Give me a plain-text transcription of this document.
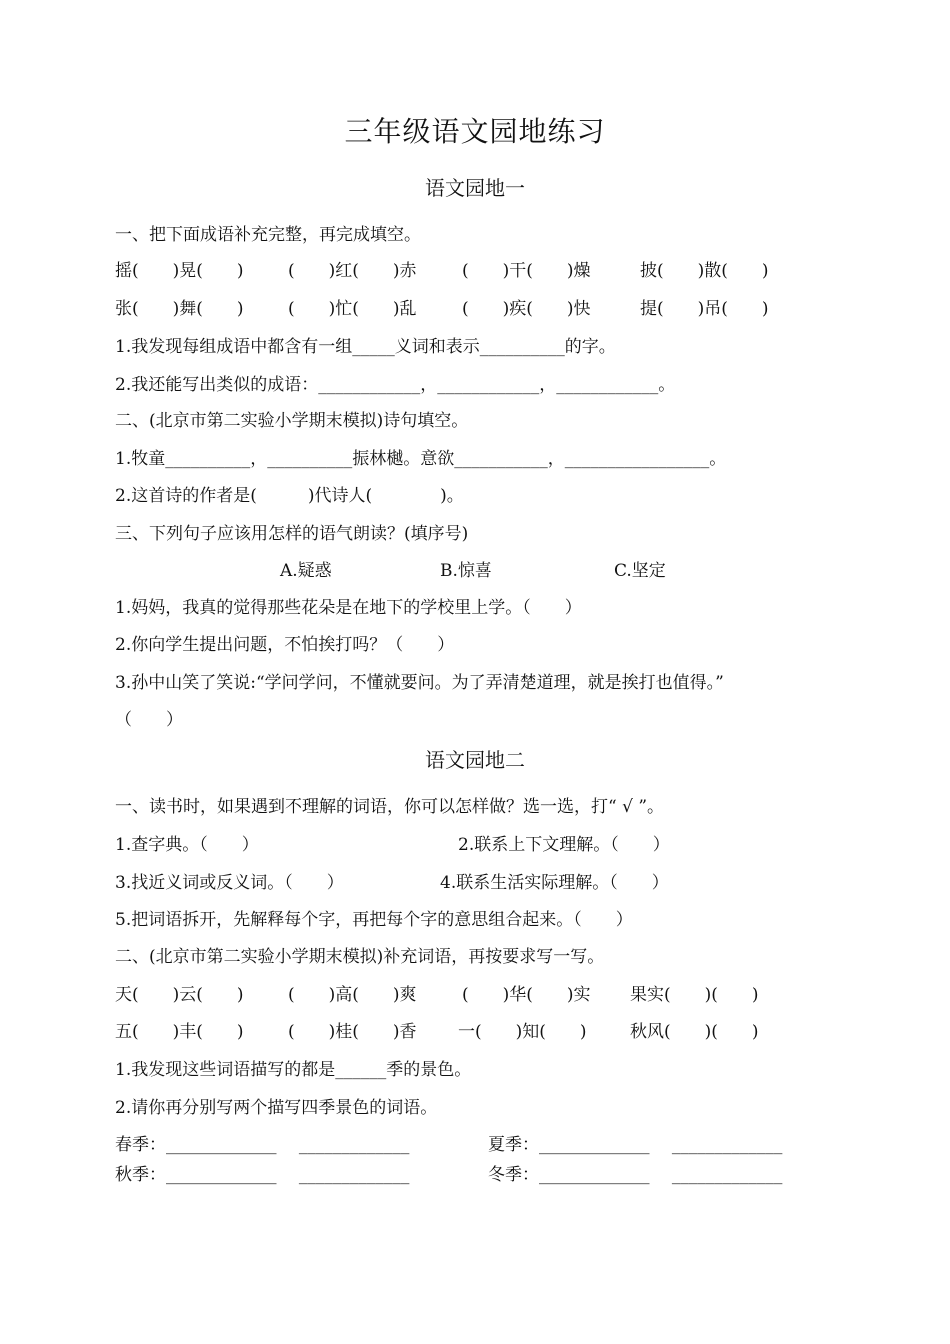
三年级语文园地练习
语文园地一
一、把下面成语补充完整，再完成填空。
摇(　　)晃(　　)	(　　)红(　　)赤	(　　)干(　　)燥	披(　　)散(　　)
张(　　)舞(　　)	(　　)忙(　　)乱	(　　)疾(　　)快	提(　　)吊(　　)
1.我发现每组成语中都含有一组_____义词和表示__________的字。
2.我还能写出类似的成语：____________，____________，____________。
二、(北京市第二实验小学期末模拟)诗句填空。
1.牧童__________，__________振林樾。意欲___________，_________________。
2.这首诗的作者是(　　　)代诗人(　　　　)。
三、下列句子应该用怎样的语气朗读？(填序号)
A.疑惑	B.惊喜	C.坚定
1.妈妈，我真的觉得那些花朵是在地下的学校里上学。（　　）
2.你向学生提出问题，不怕挨打吗？（　　）
3.孙中山笑了笑说:“学问学问，不懂就要问。为了弄清楚道理，就是挨打也值得。”
（　　）
语文园地二
一、读书时，如果遇到不理解的词语，你可以怎样做？选一选，打“ √ ”。
1.查字典。（　　）	2.联系上下文理解。（　　）
3.找近义词或反义词。（　　）	4.联系生活实际理解。（　　）
5.把词语拆开，先解释每个字，再把每个字的意思组合起来。（　　）
二、(北京市第二实验小学期末模拟)补充词语，再按要求写一写。
天(　　)云(　　)	(　　)高(　　)爽	(　　)华(　　)实 果实(　　)(　　)
五(　　)丰(　　)	(　　)桂(　　)香 一(　　)知(　　)	秋风(　　)(　　)
1.我发现这些词语描写的都是______季的景色。
2.请你再分别写两个描写四季景色的词语。
春季：_____________　 _____________	夏季：_____________　 _____________
秋季：_____________　 _____________	冬季：_____________　 _____________
